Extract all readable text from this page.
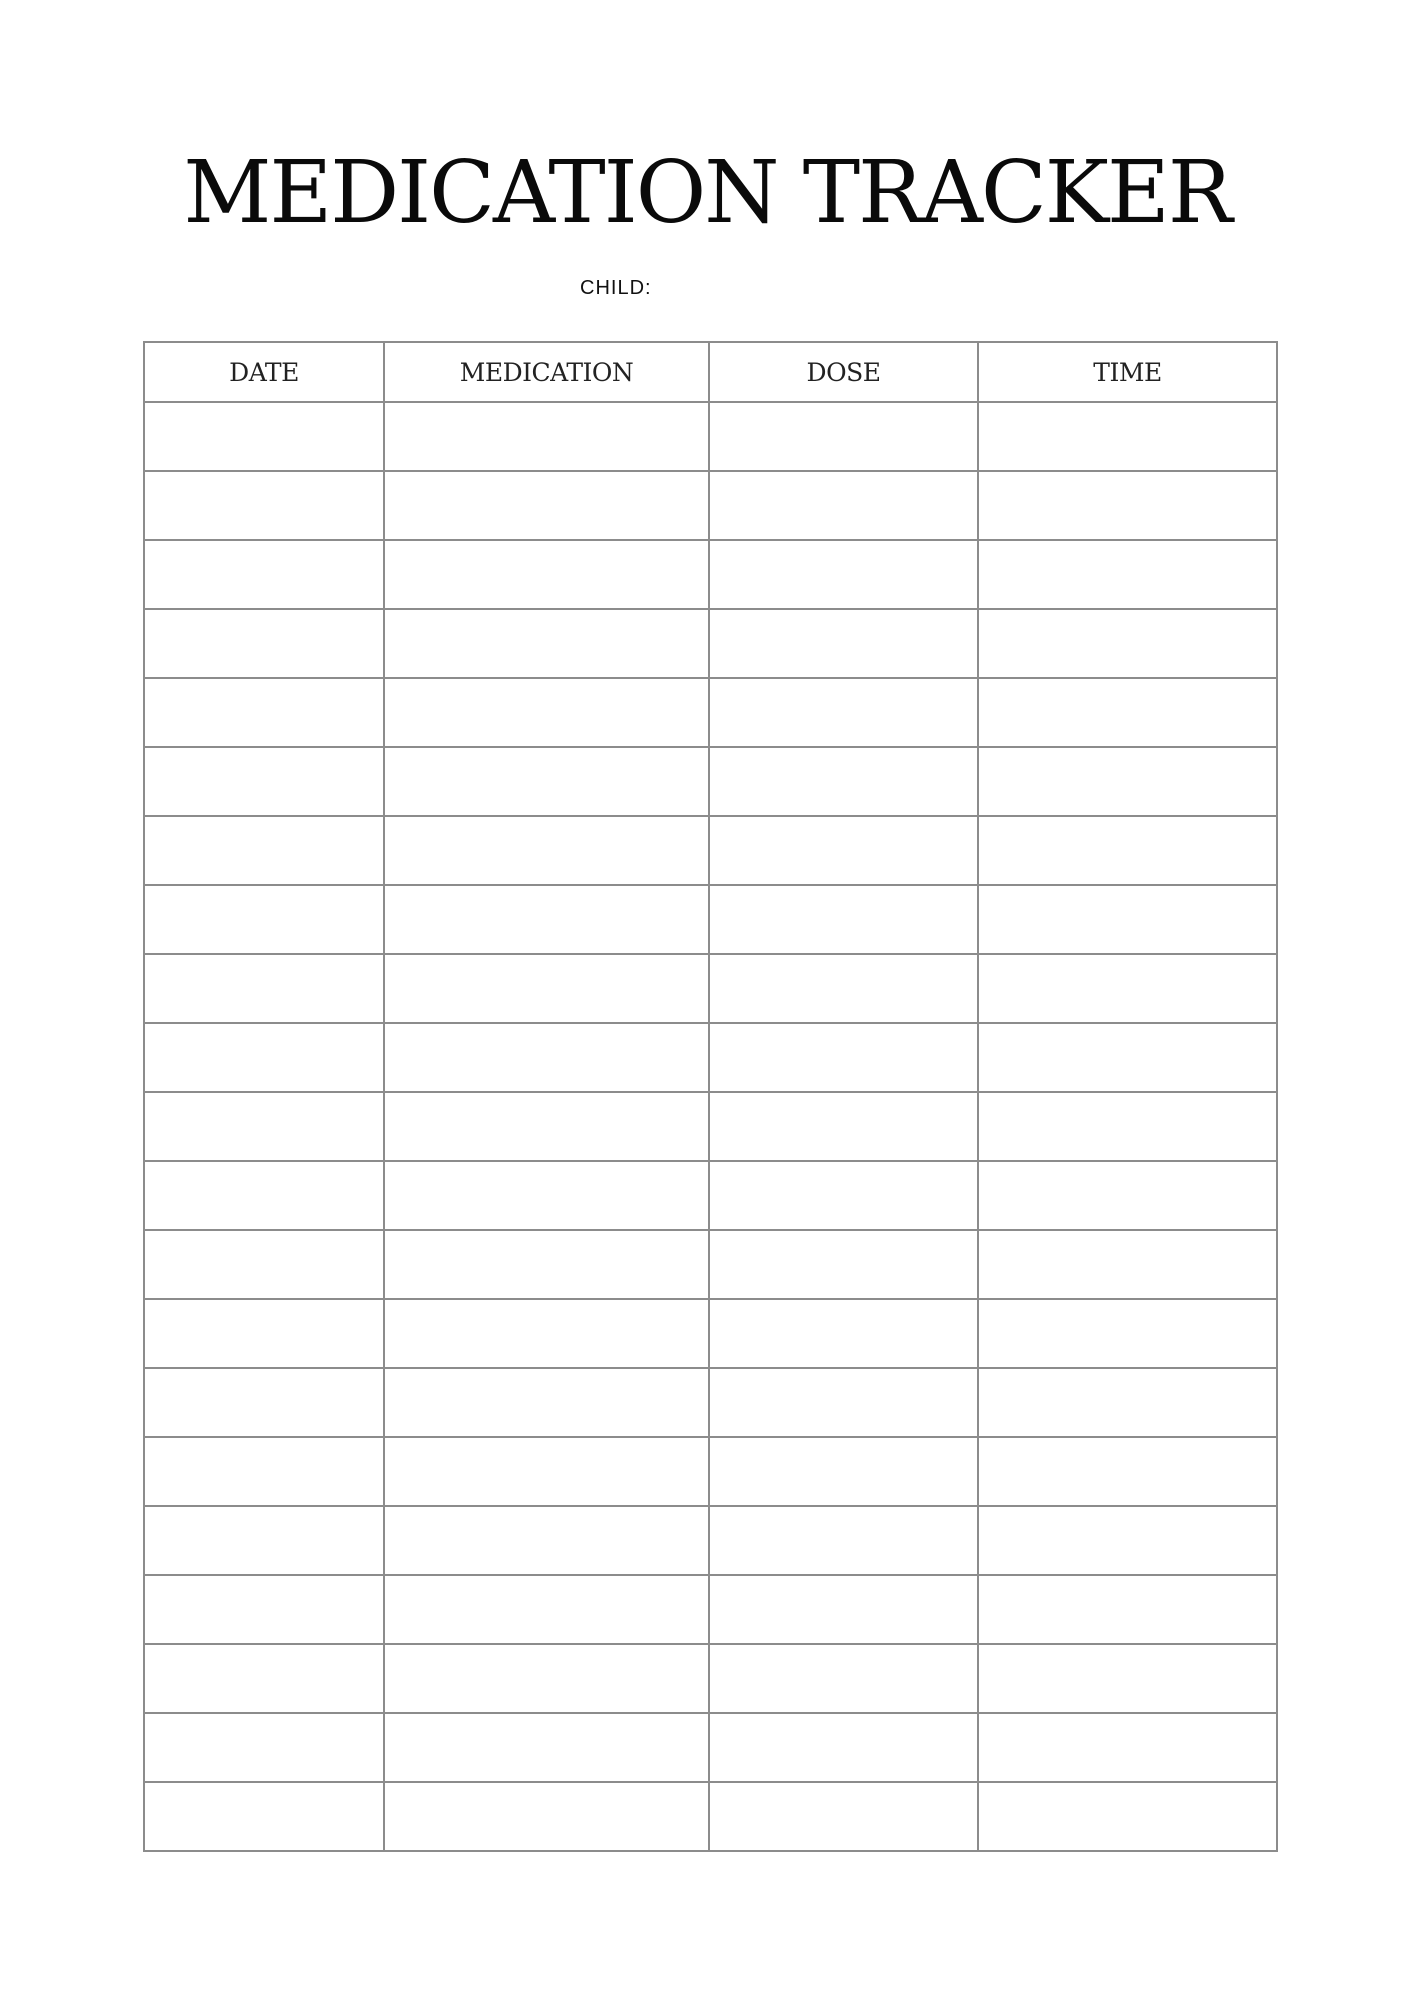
MEDICATION TRACKER
CHILD:
DATE	MEDICATION	DOSE	TIME
